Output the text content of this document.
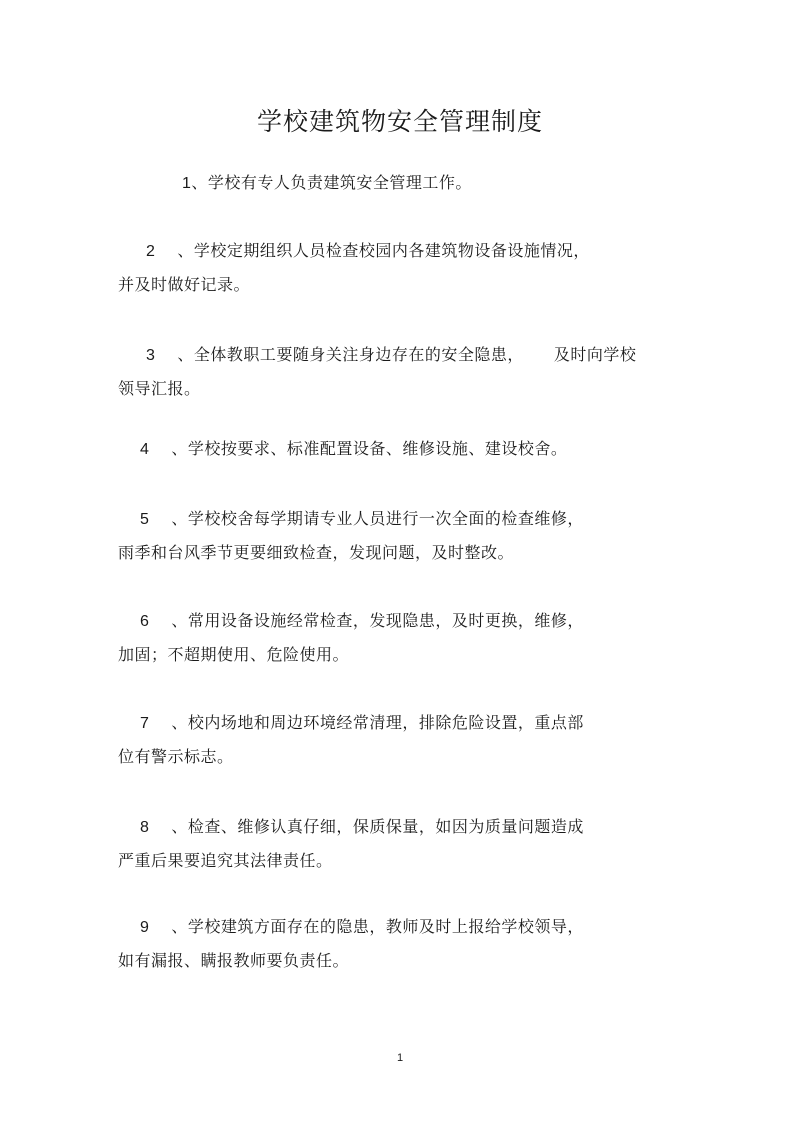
学校建筑物安全管理制度
1、学校有专人负责建筑安全管理工作。
2 、学校定期组织人员检查校园内各建筑物设备设施情况，
并及时做好记录。
3 、全体教职工要随身关注身边存在的安全隐患， 及时向学校
领导汇报。
4 、学校按要求、标准配置设备、维修设施、建设校舍。
5 、学校校舍每学期请专业人员进行一次全面的检查维修，
雨季和台风季节更要细致检查，发现问题，及时整改。
6 、常用设备设施经常检查，发现隐患，及时更换，维修，
加固；不超期使用、危险使用。
7 、校内场地和周边环境经常清理，排除危险设置，重点部
位有警示标志。
8 、检查、维修认真仔细，保质保量，如因为质量问题造成
严重后果要追究其法律责任。
9 、学校建筑方面存在的隐患，教师及时上报给学校领导，
如有漏报、瞒报教师要负责任。
1
